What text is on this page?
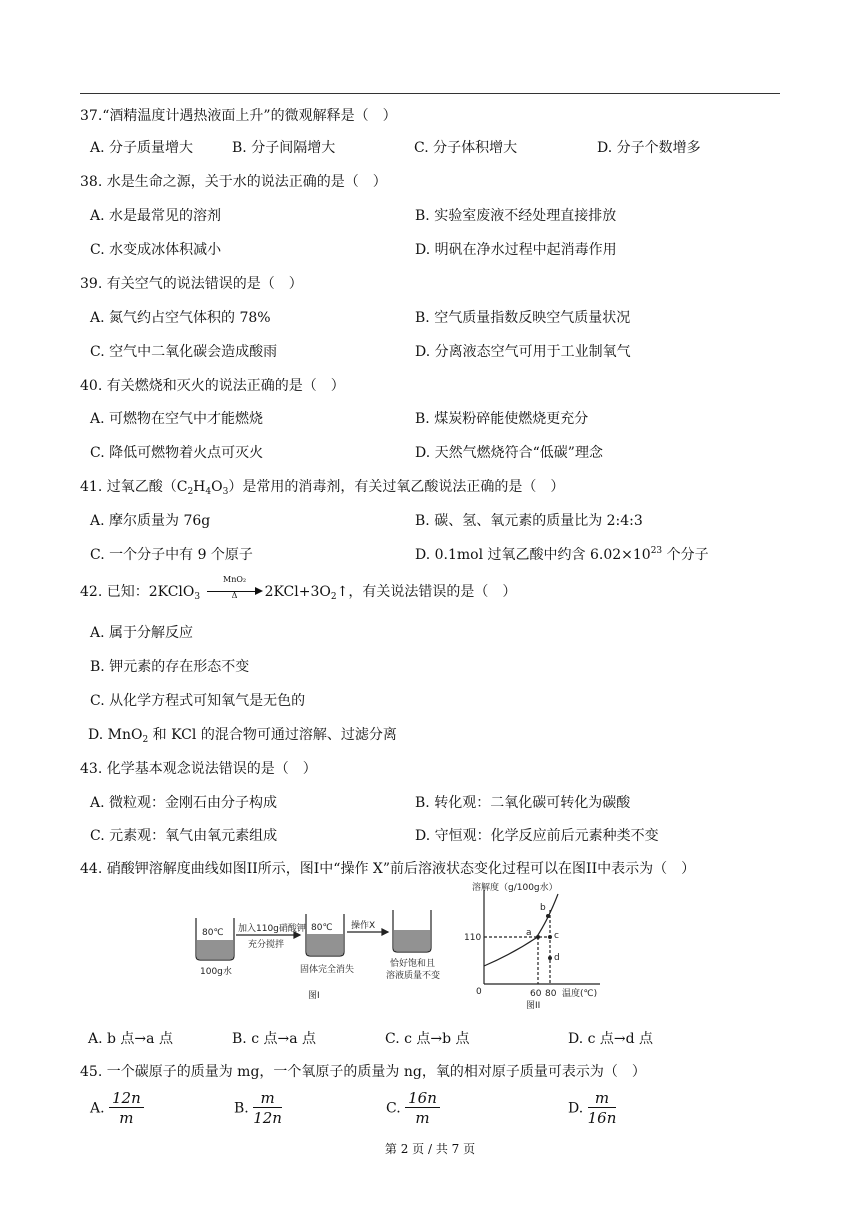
37.“酒精温度计遇热液面上升”的微观解释是（　）
A. 分子质量增大	B. 分子间隔增大	C. 分子体积增大	D. 分子个数增多
38. 水是生命之源，关于水的说法正确的是（　）
A. 水是最常见的溶剂	B. 实验室废液不经处理直接排放
C. 水变成冰体积减小	D. 明矾在净水过程中起消毒作用
39. 有关空气的说法错误的是（　）
A. 氮气约占空气体积的 78%	B. 空气质量指数反映空气质量状况
C. 空气中二氧化碳会造成酸雨	D. 分离液态空气可用于工业制氧气
40. 有关燃烧和灭火的说法正确的是（　）
A. 可燃物在空气中才能燃烧	B. 煤炭粉碎能使燃烧更充分
C. 降低可燃物着火点可灭火	D. 天然气燃烧符合“低碳”理念
41. 过氧乙酸$(C_2H_4O_3)$是常用的消毒剂，有关过氧乙酸说法正确的是（　）
A. 摩尔质量为 76g	B. 碳、氢、氧元素的质量比为 2:4:3
C. 一个分子中有 9 个原子	D. 0.1mol 过氧乙酸中约含 $6.02\times 10^{23}$ 个分子
42. 已知：2KClO$_3$
MnO₂
Δ	$2KCl+3O_2↑$，有关说法错误的是（　）
A. 属于分解反应
B. 钾元素的存在形态不变
C. 从化学方程式可知氧气是无色的
D. MnO$_2$ 和 KCl 的混合物可通过溶解、过滤分离
43. 化学基本观念说法错误的是（　）
A. 微粒观：金刚石由分子构成	B. 转化观：二氧化碳可转化为碳酸
C. 元素观：氧气由氧元素组成	D. 守恒观：化学反应前后元素种类不变
44. 硝酸钾溶解度曲线如图II所示，图I中“操作 X”前后溶液状态变化过程可以在图II中表示为（　）
80℃
100g水
加入110g硝酸钾
充分搅拌
80℃
固体完全消失
操作X
恰好饱和且
溶液质量不变
图I
溶解度（g/100g水）
110
0	60 80 温度(℃)
a
b
c
d
图II
A. b 点→a 点	B. c 点→a 点	C. c 点→b 点	D. c 点→d 点
45. 一个碳原子的质量为 mg，一个氧原子的质量为 ng，氧的相对原子质量可表示为（　）
A. $\frac{12n}{m}$	B. $\frac{m}{12n}$	C. $\frac{16n}{m}$	D. $\frac{m}{16n}$
第 2 页 / 共 7 页
